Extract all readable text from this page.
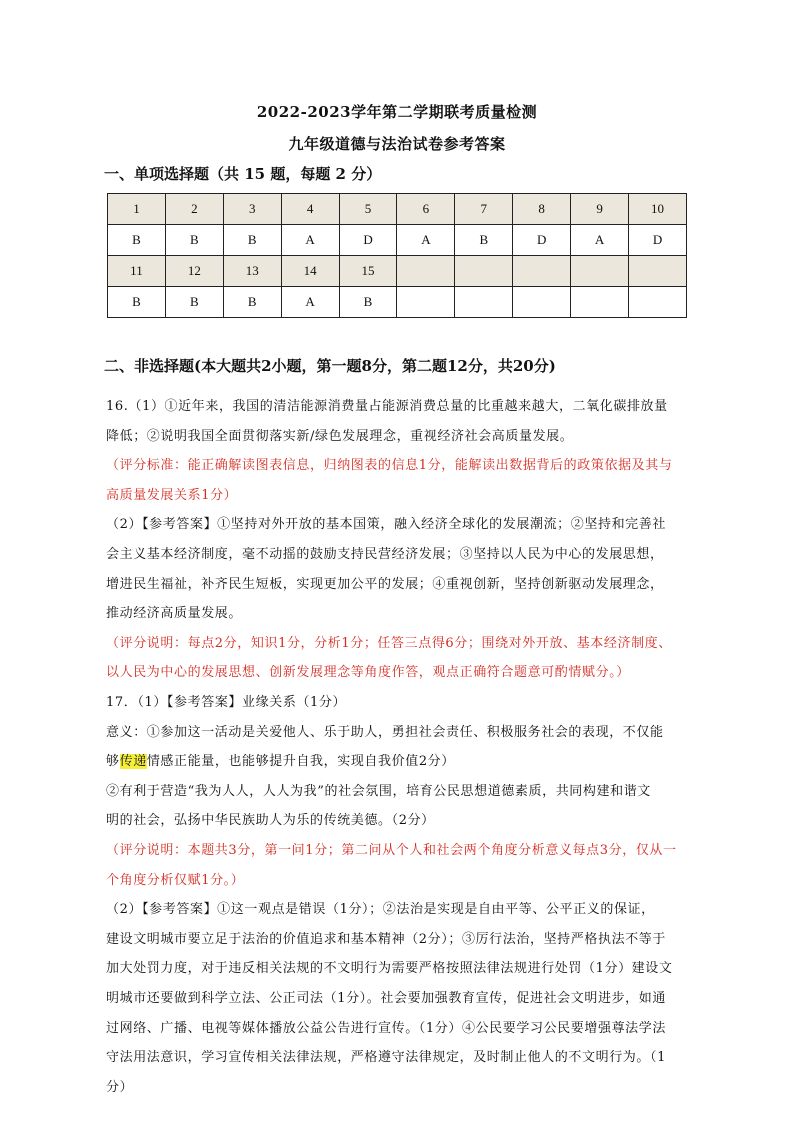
2022-2023学年第二学期联考质量检测
九年级道德与法治试卷参考答案
一、单项选择题（共 15 题，每题 2 分）
1	2	3	4	5	6	7	8	9	10
B	B	B	A	D	A	B	D	A	D
11	12	13	14	15					
B	B	B	A	B					
二、非选择题(本大题共2小题，第一题8分，第二题12分，共20分)
16.（1）①近年来，我国的清洁能源消费量占能源消费总量的比重越来越大，二氧化碳排放量
降低；②说明我国全面贯彻落实新/绿色发展理念，重视经济社会高质量发展。
（评分标准：能正确解读图表信息，归纳图表的信息1分，能解读出数据背后的政策依据及其与
高质量发展关系1分）
（2）【参考答案】①坚持对外开放的基本国策，融入经济全球化的发展潮流；②坚持和完善社
会主义基本经济制度，毫不动摇的鼓励支持民营经济发展；③坚持以人民为中心的发展思想，
增进民生福祉，补齐民生短板，实现更加公平的发展；④重视创新，坚持创新驱动发展理念，
推动经济高质量发展。
（评分说明：每点2分，知识1分，分析1分；任答三点得6分；围绕对外开放、基本经济制度、
以人民为中心的发展思想、创新发展理念等角度作答，观点正确符合题意可酌情赋分。）
17．（1）【参考答案】业缘关系（1分）
意义：①参加这一活动是关爱他人、乐于助人，勇担社会责任、积极服务社会的表现，不仅能
够传递情感正能量，也能够提升自我，实现自我价值2分）
②有利于营造“我为人人，人人为我”的社会氛围，培育公民思想道德素质，共同构建和谐文
明的社会，弘扬中华民族助人为乐的传统美德。（2分）
（评分说明：本题共3分，第一问1分；第二问从个人和社会两个角度分析意义每点3分，仅从一
个角度分析仅赋1分。）
（2）【参考答案】①这一观点是错误（1分）；②法治是实现是自由平等、公平正义的保证，
建设文明城市要立足于法治的价值追求和基本精神（2分）；③厉行法治，坚持严格执法不等于
加大处罚力度，对于违反相关法规的不文明行为需要严格按照法律法规进行处罚（1分）建设文
明城市还要做到科学立法、公正司法（1分）。社会要加强教育宣传，促进社会文明进步，如通
过网络、广播、电视等媒体播放公益公告进行宣传。（1分）④公民要学习公民要增强尊法学法
守法用法意识，学习宣传相关法律法规，严格遵守法律规定，及时制止他人的不文明行为。（1
分）
